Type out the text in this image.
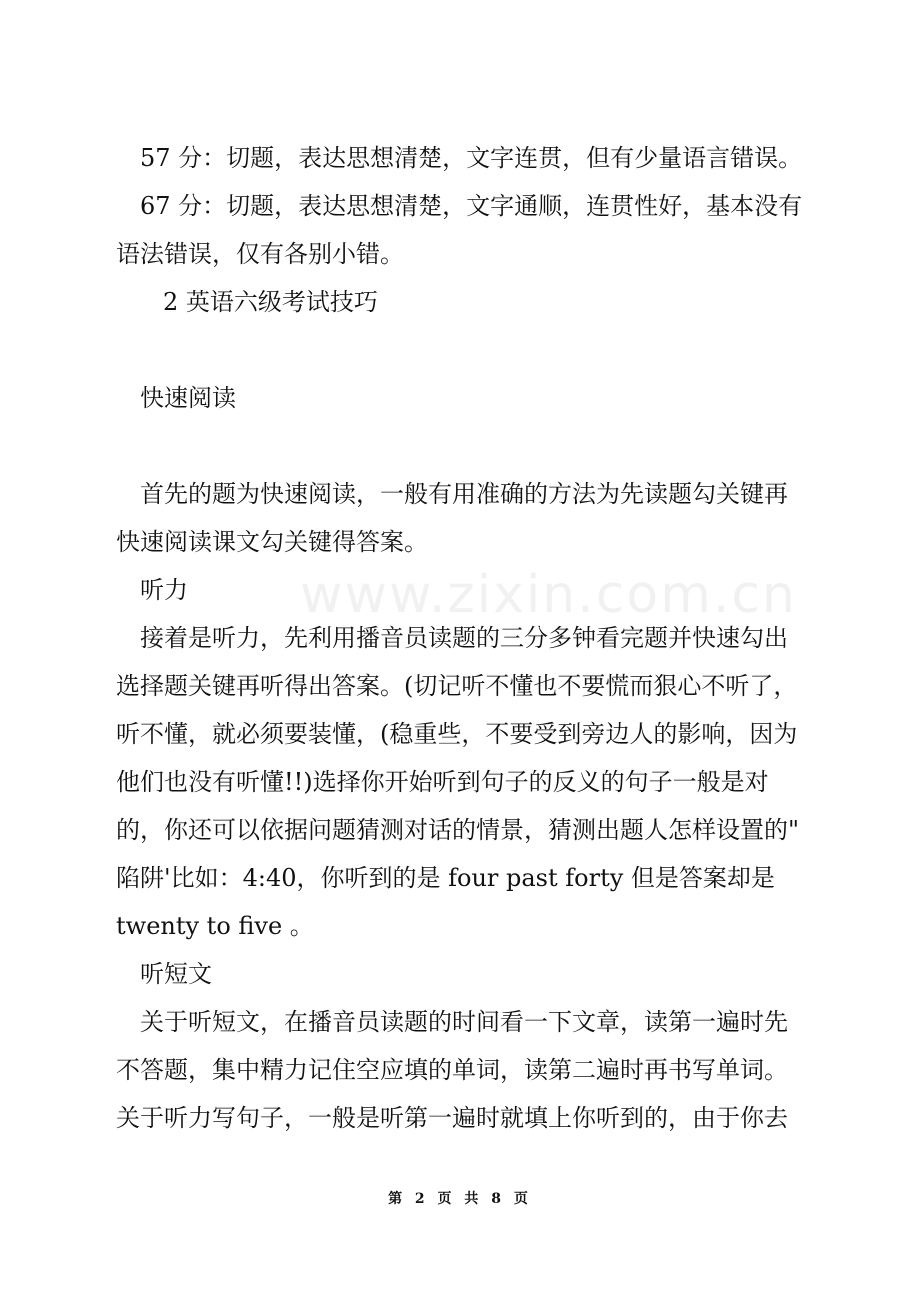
www.zixin.com.cn
57 分：切题，表达思想清楚，文字连贯，但有少量语言错误。
67 分：切题，表达思想清楚，文字通顺，连贯性好，基本没有
语法错误，仅有各别小错。
2 英语六级考试技巧
快速阅读
首先的题为快速阅读，一般有用准确的方法为先读题勾关键再
快速阅读课文勾关键得答案。
听力
接着是听力，先利用播音员读题的三分多钟看完题并快速勾出
选择题关键再听得出答案。(切记听不懂也不要慌而狠心不听了，
听不懂，就必须要装懂，(稳重些，不要受到旁边人的影响，因为
他们也没有听懂!!)选择你开始听到句子的反义的句子一般是对
的，你还可以依据问题猜测对话的情景，猜测出题人怎样设置的"
陷阱'比如：4:40，你听到的是 four past forty 但是答案却是
twenty to five 。
听短文
关于听短文，在播音员读题的时间看一下文章，读第一遍时先
不答题，集中精力记住空应填的单词，读第二遍时再书写单词。
关于听力写句子，一般是听第一遍时就填上你听到的，由于你去
第 2 页 共 8 页
